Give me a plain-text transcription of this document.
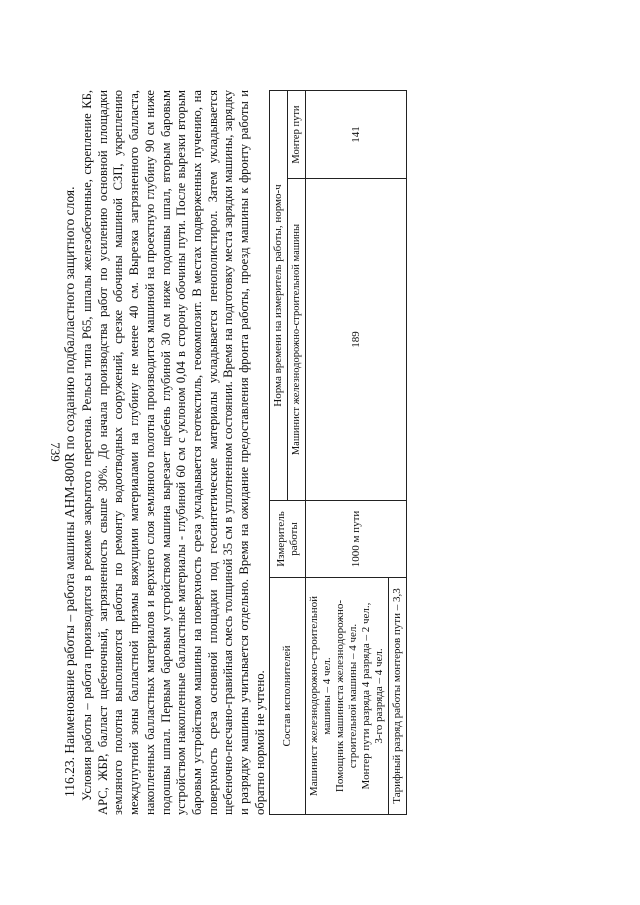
739 116.23. Наименование работы – работа машины АНМ-800R по созданию подбалластного защитного слоя. Условия работы – работа производится в режиме закрытого перегона. Рельсы типа Р65, шпалы железобетонные, скрепление КБ, АРС, ЖБР, балласт щебеночный, загрязненность свыше 30%. До начала производства работ по усилению основной площадки земляного полотна выполняются работы по ремонту водоотводных сооружений, срезке обочины машиной СЗП, укреплению междупутной зоны балластной призмы вяжущими материалами на глубину не менее 40 см. Вырезка загрязненного балласта, накопленных балластных материалов и верхнего слоя земляного полотна производится машиной на проектную глубину 90 см ниже подошвы шпал. Первым баровым устройством машина вырезает щебень глубиной 30 см ниже подошвы шпал, вторым баровым устройством накопленные балластные материалы - глубиной 60 см с уклоном 0,04 в сторону обочины пути. После вырезки вторым баровым устройством машины на поверхность среза укладывается геотекстиль, геокомпозит. В местах подверженных пучению, на поверхность среза основной площадки под геосинтетические материалы укладывается пенополистирол. Затем укладывается щебеночно-песчано-гравийная смесь толщиной 35 см в уплотненном состоянии. Время на подготовку места зарядки машины, зарядку и разрядку машины учитывается отдельно. Время на ожидание предоставления фронта работы, проезд машины к фронту работы и обратно нормой не учтено. Состав исполнителей	Измеритель работы	Норма времени на измеритель работы, нормо-ч	
		Машинист железнодорожно-строительной машины	Монтер пути

Машинист железнодорожно-строительной машины – 4 чел. Помощник машиниста железнодорожно-строительной машины – 4 чел. Монтер пути разряда 4 разряда – 2 чел., 3-го разряда – 4 чел.	1000 м пути	189	141
Тарифный разряд работы монтеров пути – 3,3			
